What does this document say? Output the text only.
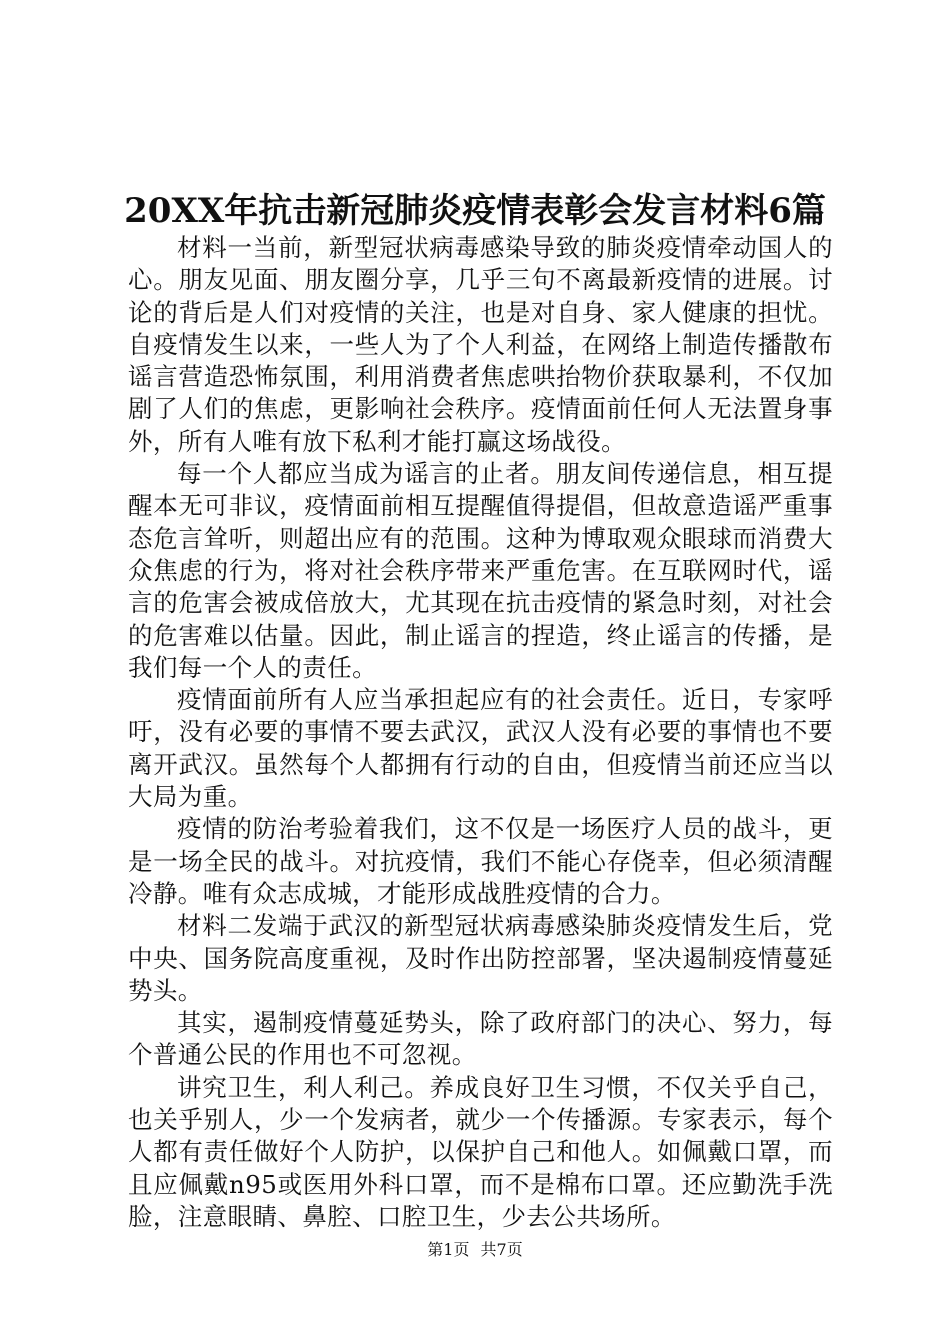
20XX年抗击新冠肺炎疫情表彰会发言材料6篇

材料一当前，新型冠状病毒感染导致的肺炎疫情牵动国人的心。朋友见面、朋友圈分享，几乎三句不离最新疫情的进展。讨论的背后是人们对疫情的关注，也是对自身、家人健康的担忧。自疫情发生以来，一些人为了个人利益，在网络上制造传播散布谣言营造恐怖氛围，利用消费者焦虑哄抬物价获取暴利，不仅加剧了人们的焦虑，更影响社会秩序。疫情面前任何人无法置身事外，所有人唯有放下私利才能打赢这场战役。

每一个人都应当成为谣言的止者。朋友间传递信息，相互提醒本无可非议，疫情面前相互提醒值得提倡，但故意造谣严重事态危言耸听，则超出应有的范围。这种为博取观众眼球而消费大众焦虑的行为，将对社会秩序带来严重危害。在互联网时代，谣言的危害会被成倍放大，尤其现在抗击疫情的紧急时刻，对社会的危害难以估量。因此，制止谣言的捏造，终止谣言的传播，是我们每一个人的责任。

疫情面前所有人应当承担起应有的社会责任。近日，专家呼吁，没有必要的事情不要去武汉，武汉人没有必要的事情也不要离开武汉。虽然每个人都拥有行动的自由，但疫情当前还应当以大局为重。

疫情的防治考验着我们，这不仅是一场医疗人员的战斗，更是一场全民的战斗。对抗疫情，我们不能心存侥幸，但必须清醒冷静。唯有众志成城，才能形成战胜疫情的合力。

材料二发端于武汉的新型冠状病毒感染肺炎疫情发生后，党中央、国务院高度重视，及时作出防控部署，坚决遏制疫情蔓延势头。

其实，遏制疫情蔓延势头，除了政府部门的决心、努力，每个普通公民的作用也不可忽视。

讲究卫生，利人利己。养成良好卫生习惯，不仅关乎自己，也关乎别人，少一个发病者，就少一个传播源。专家表示，每个人都有责任做好个人防护，以保护自己和他人。如佩戴口罩，而且应佩戴n95或医用外科口罩，而不是棉布口罩。还应勤洗手洗脸，注意眼睛、鼻腔、口腔卫生，少去公共场所。

第1页 共7页
